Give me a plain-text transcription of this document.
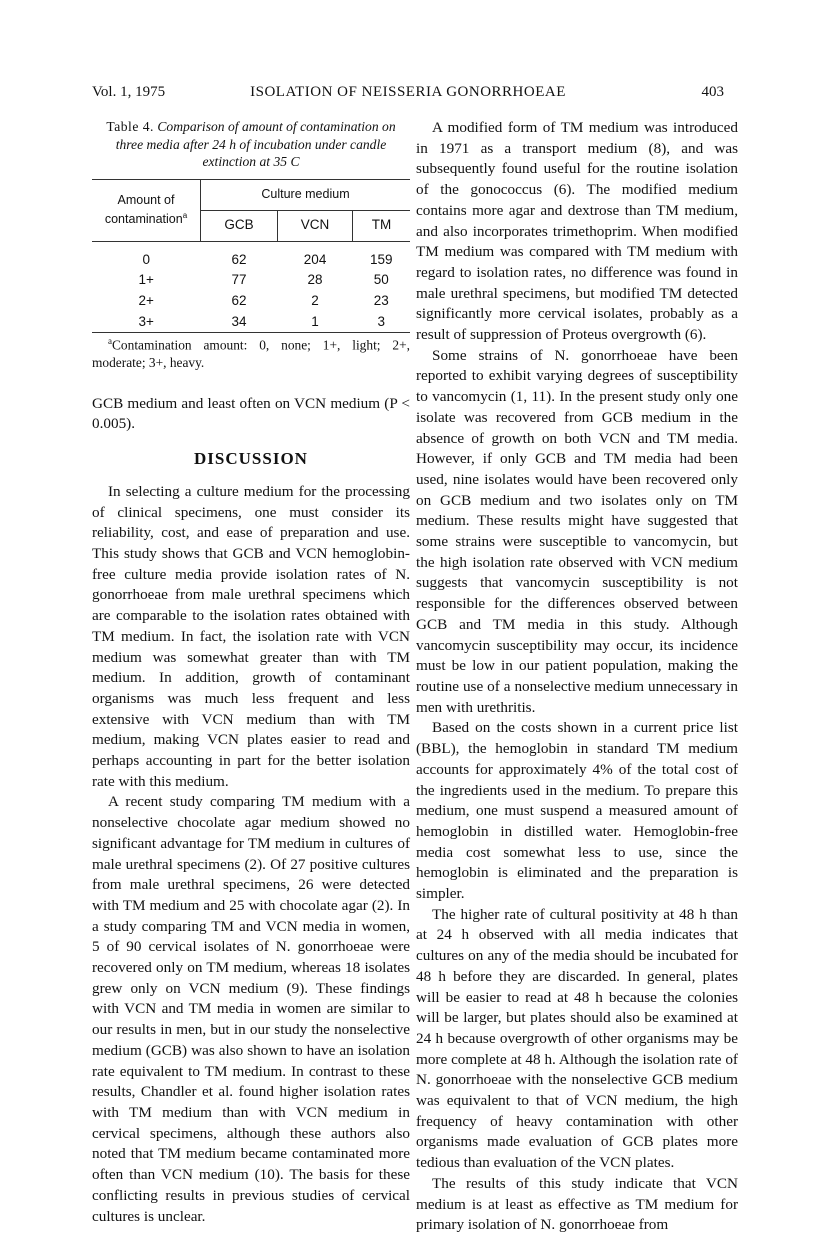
Vol. 1, 1975	ISOLATION OF NEISSERIA GONORRHOEAE	403
Table 4. Comparison of amount of contamination on three media after 24 h of incubation under candle extinction at 35 C
Amount of contamination$^a$	Culture medium		
	GCB	VCN	TM

0	62	204	159
1+	77	28	50
2+	62	2	23
3+	34	1	3

$^a$Contamination amount: 0, none; 1+, light; 2+, moderate; 3+, heavy.

GCB medium and least often on VCN medium (P < 0.005).

DISCUSSION

In selecting a culture medium for the processing of clinical specimens, one must consider its reliability, cost, and ease of preparation and use. This study shows that GCB and VCN hemoglobin-free culture media provide isolation rates of N. gonorrhoeae from male urethral specimens which are comparable to the isolation rates obtained with TM medium. In fact, the isolation rate with VCN medium was somewhat greater than with TM medium. In addition, growth of contaminant organisms was much less frequent and less extensive with VCN medium than with TM medium, making VCN plates easier to read and perhaps accounting in part for the better isolation rate with this medium.

A recent study comparing TM medium with a nonselective chocolate agar medium showed no significant advantage for TM medium in cultures of male urethral specimens (2). Of 27 positive cultures from male urethral specimens, 26 were detected with TM medium and 25 with chocolate agar (2). In a study comparing TM and VCN media in women, 5 of 90 cervical isolates of N. gonorrhoeae were recovered only on TM medium, whereas 18 isolates grew only on VCN medium (9). These findings with VCN and TM media in women are similar to our results in men, but in our study the nonselective medium (GCB) was also shown to have an isolation rate equivalent to TM medium. In contrast to these results, Chandler et al. found higher isolation rates with TM medium than with VCN medium in cervical specimens, although these authors also noted that TM medium became contaminated more often than VCN medium (10). The basis for these conflicting results in previous studies of cervical cultures is unclear.

A modified form of TM medium was introduced in 1971 as a transport medium (8), and was subsequently found useful for the routine isolation of the gonococcus (6). The modified medium contains more agar and dextrose than TM medium, and also incorporates trimethoprim. When modified TM medium was compared with TM medium with regard to isolation rates, no difference was found in male urethral specimens, but modified TM detected significantly more cervical isolates, probably as a result of suppression of Proteus overgrowth (6).

Some strains of N. gonorrhoeae have been reported to exhibit varying degrees of susceptibility to vancomycin (1, 11). In the present study only one isolate was recovered from GCB medium in the absence of growth on both VCN and TM media. However, if only GCB and TM media had been used, nine isolates would have been recovered only on GCB medium and two isolates only on TM medium. These results might have suggested that some strains were susceptible to vancomycin, but the high isolation rate observed with VCN medium suggests that vancomycin susceptibility is not responsible for the differences observed between GCB and TM media in this study. Although vancomycin susceptibility may occur, its incidence must be low in our patient population, making the routine use of a nonselective medium unnecessary in men with urethritis.

Based on the costs shown in a current price list (BBL), the hemoglobin in standard TM medium accounts for approximately 4% of the total cost of the ingredients used in the medium. To prepare this medium, one must suspend a measured amount of hemoglobin in distilled water. Hemoglobin-free media cost somewhat less to use, since the hemoglobin is eliminated and the preparation is simpler.

The higher rate of cultural positivity at 48 h than at 24 h observed with all media indicates that cultures on any of the media should be incubated for 48 h before they are discarded. In general, plates will be easier to read at 48 h because the colonies will be larger, but plates should also be examined at 24 h because overgrowth of other organisms may be more complete at 48 h. Although the isolation rate of N. gonorrhoeae with the nonselective GCB medium was equivalent to that of VCN medium, the high frequency of heavy contamination with other organisms made evaluation of GCB plates more tedious than evaluation of the VCN plates.

The results of this study indicate that VCN medium is at least as effective as TM medium for primary isolation of N. gonorrhoeae from
